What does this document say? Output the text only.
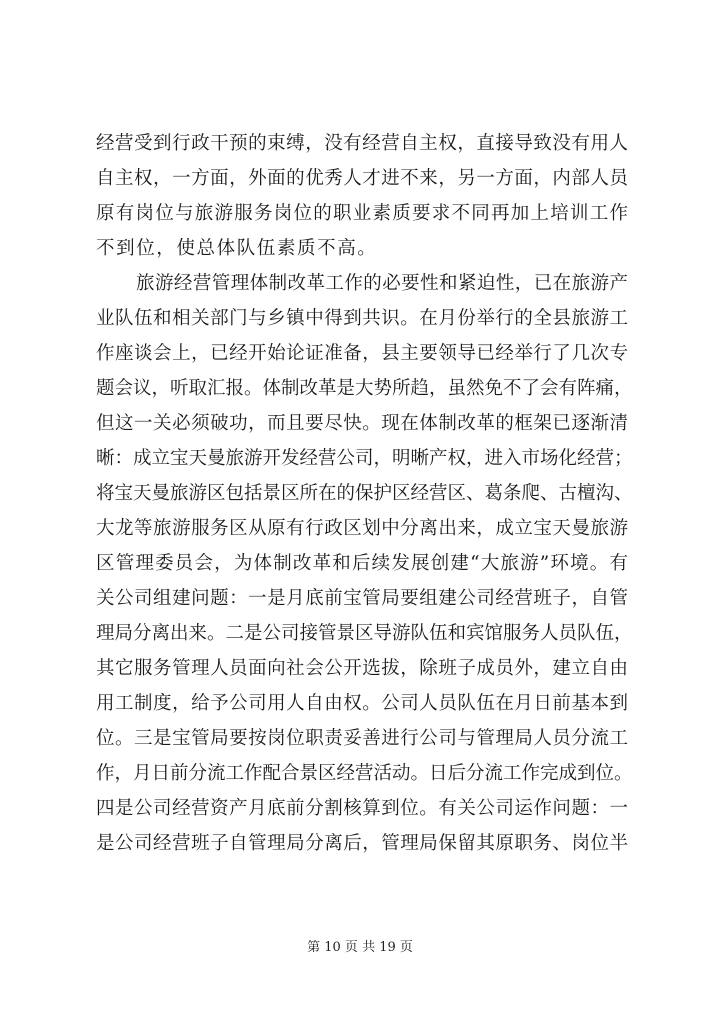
经营受到行政干预的束缚，没有经营自主权，直接导致没有用人
自主权，一方面，外面的优秀人才进不来，另一方面，内部人员
原有岗位与旅游服务岗位的职业素质要求不同再加上培训工作
不到位，使总体队伍素质不高。
旅游经营管理体制改革工作的必要性和紧迫性，已在旅游产
业队伍和相关部门与乡镇中得到共识。在月份举行的全县旅游工
作座谈会上，已经开始论证准备，县主要领导已经举行了几次专
题会议，听取汇报。体制改革是大势所趋，虽然免不了会有阵痛，
但这一关必须破功，而且要尽快。现在体制改革的框架已逐渐清
晰：成立宝天曼旅游开发经营公司，明晰产权，进入市场化经营；
将宝天曼旅游区包括景区所在的保护区经营区、葛条爬、古檀沟、
大龙等旅游服务区从原有行政区划中分离出来，成立宝天曼旅游
区管理委员会，为体制改革和后续发展创建“大旅游”环境。有
关公司组建问题：一是月底前宝管局要组建公司经营班子，自管
理局分离出来。二是公司接管景区导游队伍和宾馆服务人员队伍，
其它服务管理人员面向社会公开选拔，除班子成员外，建立自由
用工制度，给予公司用人自由权。公司人员队伍在月日前基本到
位。三是宝管局要按岗位职责妥善进行公司与管理局人员分流工
作，月日前分流工作配合景区经营活动。日后分流工作完成到位。
四是公司经营资产月底前分割核算到位。有关公司运作问题：一
是公司经营班子自管理局分离后，管理局保留其原职务、岗位半
第 10 页 共 19 页
